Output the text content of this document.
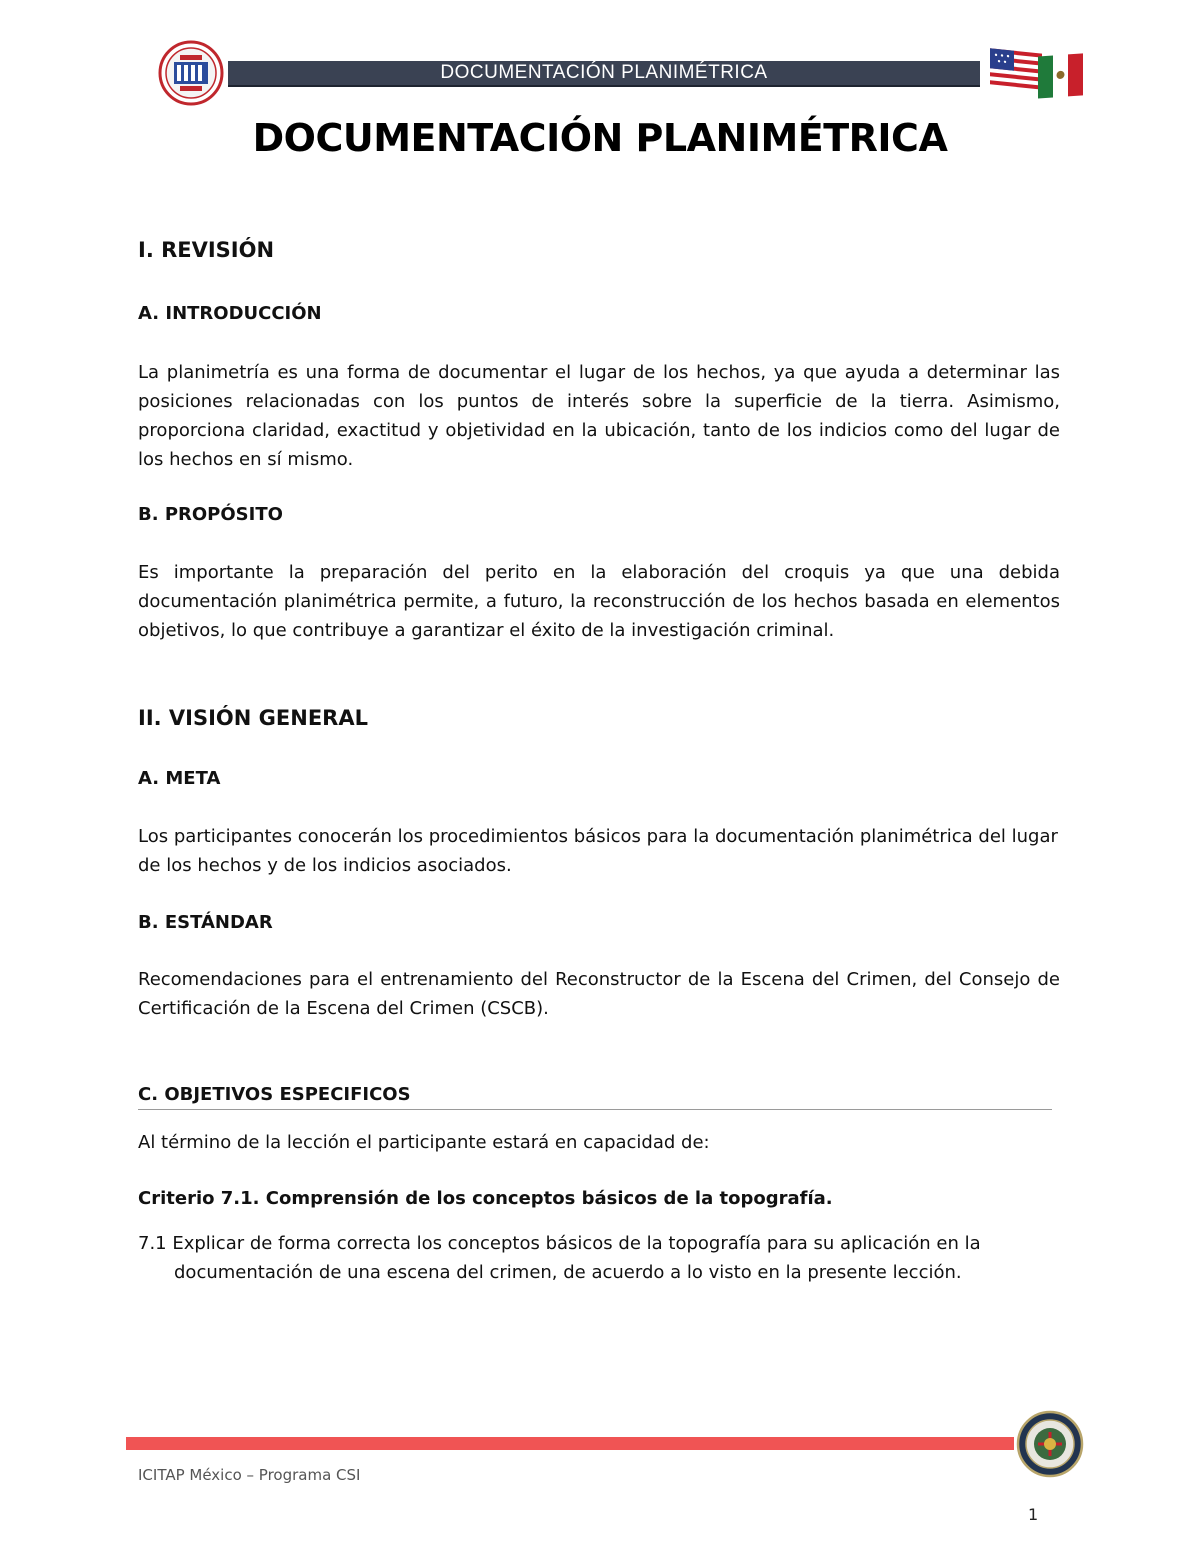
DOCUMENTACIÓN PLANIMÉTRICA
DOCUMENTACIÓN PLANIMÉTRICA
I. REVISIÓN
A. INTRODUCCIÓN
La planimetría es una forma de documentar el lugar de los hechos, ya que ayuda a determinar las posiciones relacionadas con los puntos de interés sobre la superficie de la tierra. Asimismo, proporciona claridad, exactitud y objetividad en la ubicación, tanto de los indicios como del lugar de los hechos en sí mismo.
B. PROPÓSITO
Es importante la preparación del perito en la elaboración del croquis ya que una debida documentación planimétrica permite, a futuro, la reconstrucción de los hechos basada en elementos objetivos, lo que contribuye a garantizar el éxito de la investigación criminal.
II. VISIÓN GENERAL
A. META
Los participantes conocerán los procedimientos básicos para la documentación planimétrica del lugar de los hechos y de los indicios asociados.
B. ESTÁNDAR
Recomendaciones para el entrenamiento del Reconstructor de la Escena del Crimen, del Consejo de Certificación de la Escena del Crimen (CSCB).
C. OBJETIVOS ESPECIFICOS
Al término de la lección el participante estará en capacidad de:
Criterio 7.1. Comprensión de los conceptos básicos de la topografía.
7.1 Explicar de forma correcta los conceptos básicos de la topografía para su aplicación en la documentación de una escena del crimen, de acuerdo a lo visto en la presente lección.
ICITAP México – Programa CSI
1
